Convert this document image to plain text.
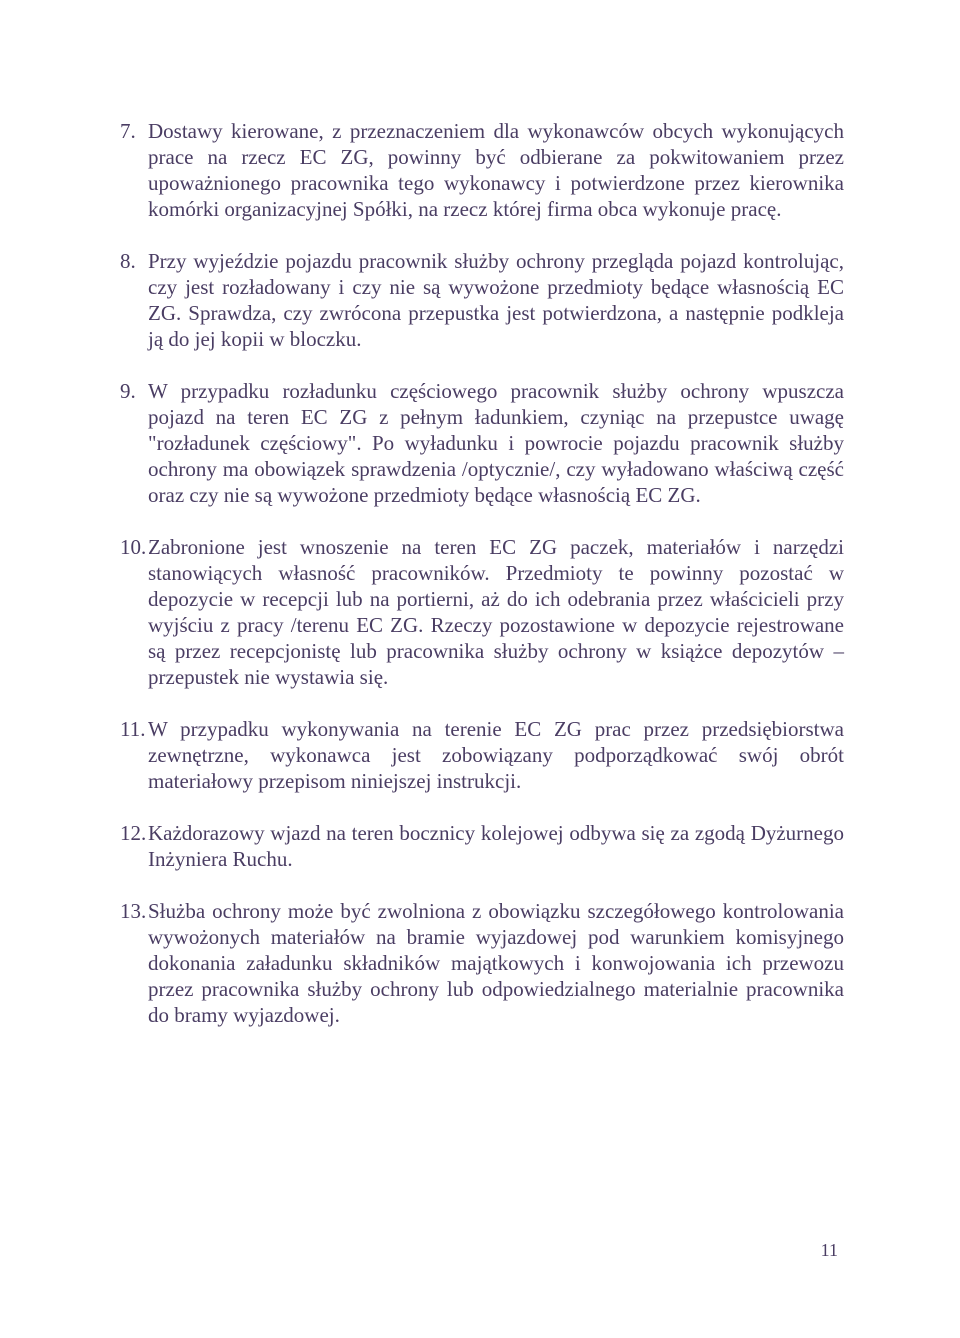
7. Dostawy kierowane, z przeznaczeniem dla wykonawców obcych wykonujących prace na rzecz EC ZG, powinny być odbierane za pokwitowaniem przez upoważnionego pracownika tego wykonawcy i potwierdzone przez kierownika komórki organizacyjnej Spółki, na rzecz której firma obca wykonuje pracę.
8. Przy wyjeździe pojazdu pracownik służby ochrony przegląda pojazd kontrolując, czy jest rozładowany i czy nie są wywożone przedmioty będące własnością EC ZG. Sprawdza, czy zwrócona przepustka jest potwierdzona, a następnie podkleja ją do jej kopii w bloczku.
9. W przypadku rozładunku częściowego pracownik służby ochrony wpuszcza pojazd na teren EC ZG z pełnym ładunkiem, czyniąc na przepustce uwagę "rozładunek częściowy". Po wyładunku i powrocie pojazdu pracownik służby ochrony ma obowiązek sprawdzenia /optycznie/, czy wyładowano właściwą część oraz czy nie są wywożone przedmioty będące własnością EC ZG.
10. Zabronione jest wnoszenie na teren EC ZG paczek, materiałów i narzędzi stanowiących własność pracowników. Przedmioty te powinny pozostać w depozycie w recepcji lub na portierni, aż do ich odebrania przez właścicieli przy wyjściu z pracy /terenu EC ZG. Rzeczy pozostawione w depozycie rejestrowane są przez recepcjonistę lub pracownika służby ochrony w książce depozytów – przepustek nie wystawia się.
11. W przypadku wykonywania na terenie EC ZG prac przez przedsiębiorstwa zewnętrzne, wykonawca jest zobowiązany podporządkować swój obrót materiałowy przepisom niniejszej instrukcji.
12. Każdorazowy wjazd na teren bocznicy kolejowej odbywa się za zgodą Dyżurnego Inżyniera Ruchu.
13. Służba ochrony może być zwolniona z obowiązku szczegółowego kontrolowania wywożonych materiałów na bramie wyjazdowej pod warunkiem komisyjnego dokonania załadunku składników majątkowych i konwojowania ich przewozu przez pracownika służby ochrony lub odpowiedzialnego materialnie pracownika do bramy wyjazdowej.
11
